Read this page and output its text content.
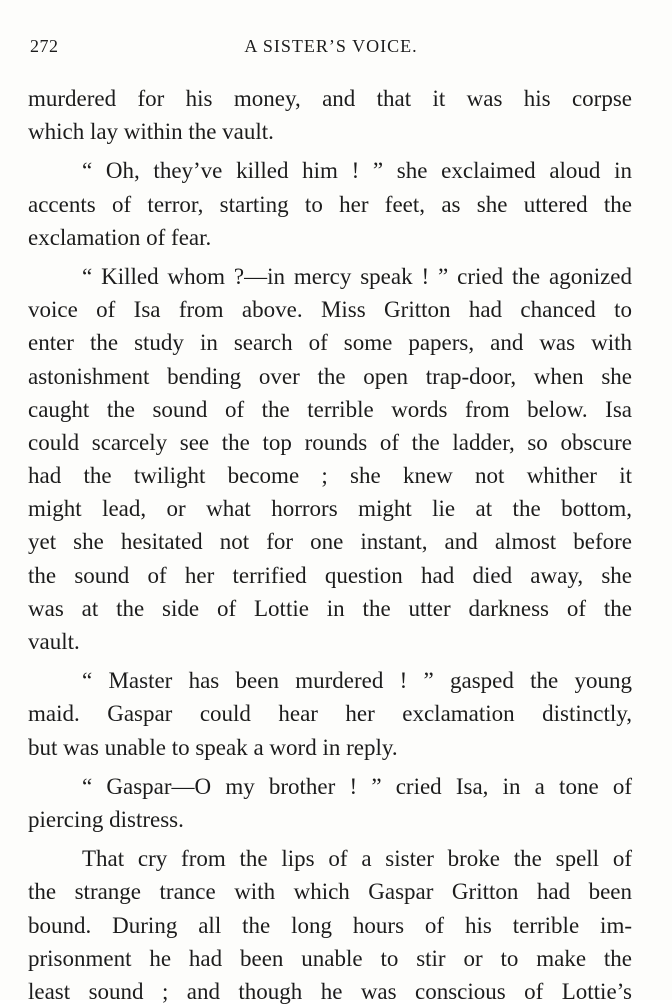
272	A SISTER’S VOICE.
murdered for his money, and that it was his corpse
which lay within the vault.
“ Oh, they’ve killed him ! ” she exclaimed aloud in
accents of terror, starting to her feet, as she uttered the
exclamation of fear.
“ Killed whom ?—in mercy speak ! ” cried the agonized
voice of Isa from above. Miss Gritton had chanced to
enter the study in search of some papers, and was with
astonishment bending over the open trap-door, when she
caught the sound of the terrible words from below. Isa
could scarcely see the top rounds of the ladder, so obscure
had the twilight become ; she knew not whither it
might lead, or what horrors might lie at the bottom,
yet she hesitated not for one instant, and almost before
the sound of her terrified question had died away, she
was at the side of Lottie in the utter darkness of the
vault.
“ Master has been murdered ! ” gasped the young
maid. Gaspar could hear her exclamation distinctly,
but was unable to speak a word in reply.
“ Gaspar—O my brother ! ” cried Isa, in a tone of
piercing distress.
That cry from the lips of a sister broke the spell of
the strange trance with which Gaspar Gritton had been
bound. During all the long hours of his terrible im-
prisonment he had been unable to stir or to make the
least sound ; and though he was conscious of Lottie’s
